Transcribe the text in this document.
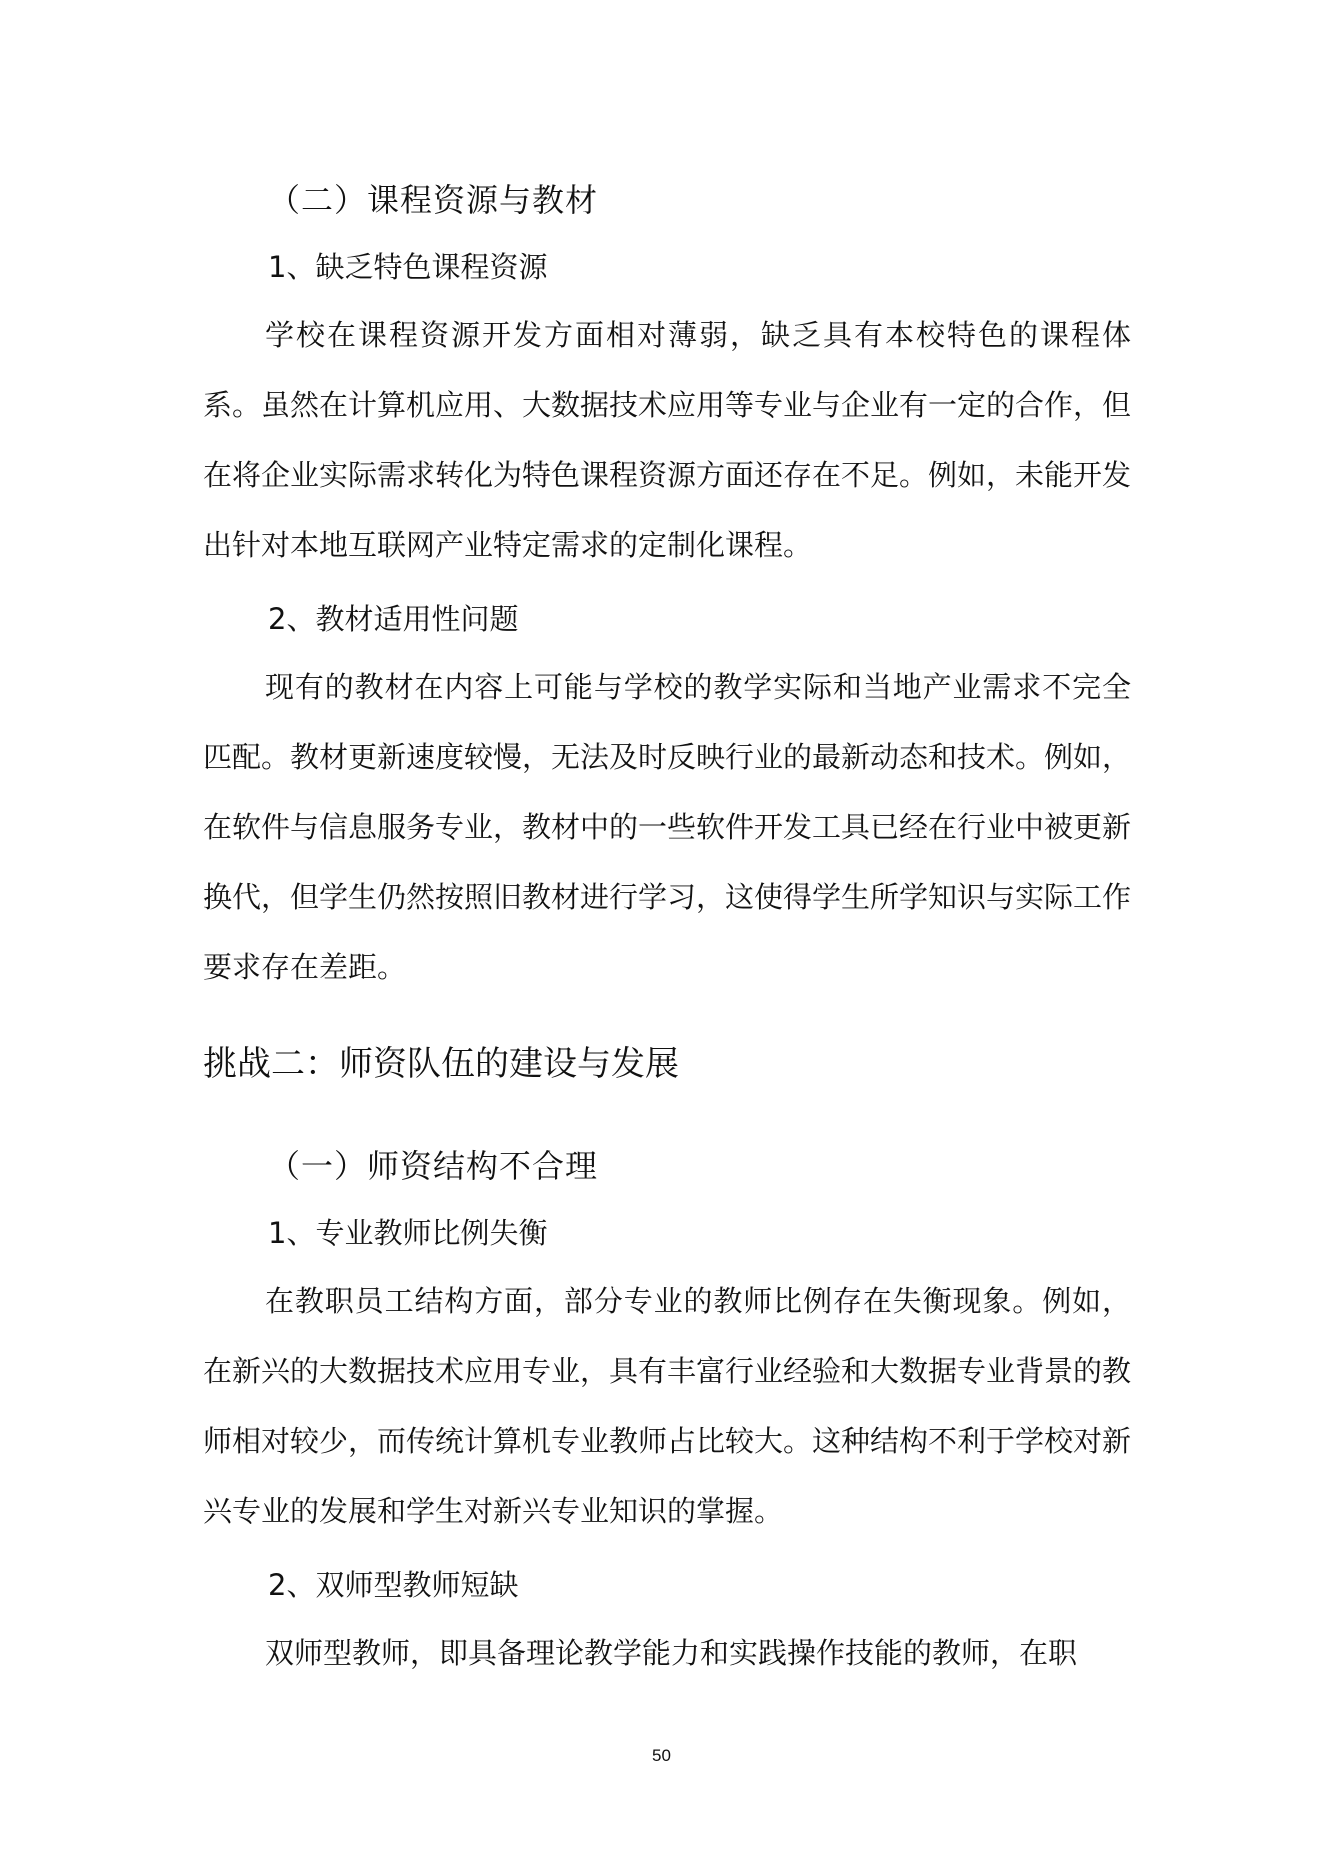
（二）课程资源与教材
1、缺乏特色课程资源

学校在课程资源开发方面相对薄弱，缺乏具有本校特色的课程体系。虽然在计算机应用、大数据技术应用等专业与企业有一定的合作，但在将企业实际需求转化为特色课程资源方面还存在不足。例如，未能开发出针对本地互联网产业特定需求的定制化课程。

2、教材适用性问题

现有的教材在内容上可能与学校的教学实际和当地产业需求不完全匹配。教材更新速度较慢，无法及时反映行业的最新动态和技术。例如，在软件与信息服务专业，教材中的一些软件开发工具已经在行业中被更新换代，但学生仍然按照旧教材进行学习，这使得学生所学知识与实际工作要求存在差距。

挑战二：师资队伍的建设与发展
（一）师资结构不合理
1、专业教师比例失衡

在教职员工结构方面，部分专业的教师比例存在失衡现象。例如，在新兴的大数据技术应用专业，具有丰富行业经验和大数据专业背景的教师相对较少，而传统计算机专业教师占比较大。这种结构不利于学校对新兴专业的发展和学生对新兴专业知识的掌握。

2、双师型教师短缺

双师型教师，即具备理论教学能力和实践操作技能的教师，在职

50
